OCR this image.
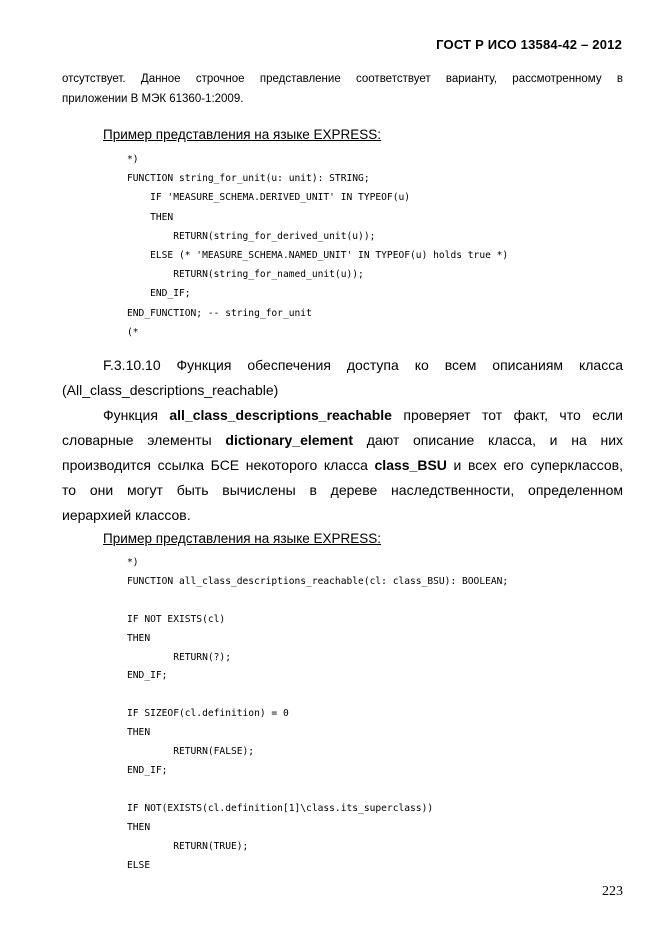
ГОСТ Р ИСО 13584-42 – 2012
отсутствует. Данное строчное представление соответствует варианту, рассмотренному в
приложении В МЭК 61360-1:2009.
Пример представления на языке EXPRESS:
*)
FUNCTION string_for_unit(u: unit): STRING;
IF 'MEASURE_SCHEMA.DERIVED_UNIT' IN TYPEOF(u)
THEN
RETURN(string_for_derived_unit(u));
ELSE (* 'MEASURE_SCHEMA.NAMED_UNIT' IN TYPEOF(u) holds true *)
RETURN(string_for_named_unit(u));
END_IF;
END_FUNCTION; -- string_for_unit
(*
F.3.10.10 Функция обеспечения доступа ко всем описаниям класса
(All_class_descriptions_reachable)
Функция all_class_descriptions_reachable проверяет тот факт, что если
словарные элементы dictionary_element дают описание класса, и на них
производится ссылка БСЕ некоторого класса class_BSU и всех его суперклассов,
то они могут быть вычислены в дереве наследственности, определенном
иерархией классов.
Пример представления на языке EXPRESS:
*)
FUNCTION all_class_descriptions_reachable(cl: class_BSU): BOOLEAN;

IF NOT EXISTS(cl)
THEN
RETURN(?);
END_IF;

IF SIZEOF(cl.definition) = 0
THEN
RETURN(FALSE);
END_IF;

IF NOT(EXISTS(cl.definition[1]\class.its_superclass))
THEN
RETURN(TRUE);
ELSE
223
